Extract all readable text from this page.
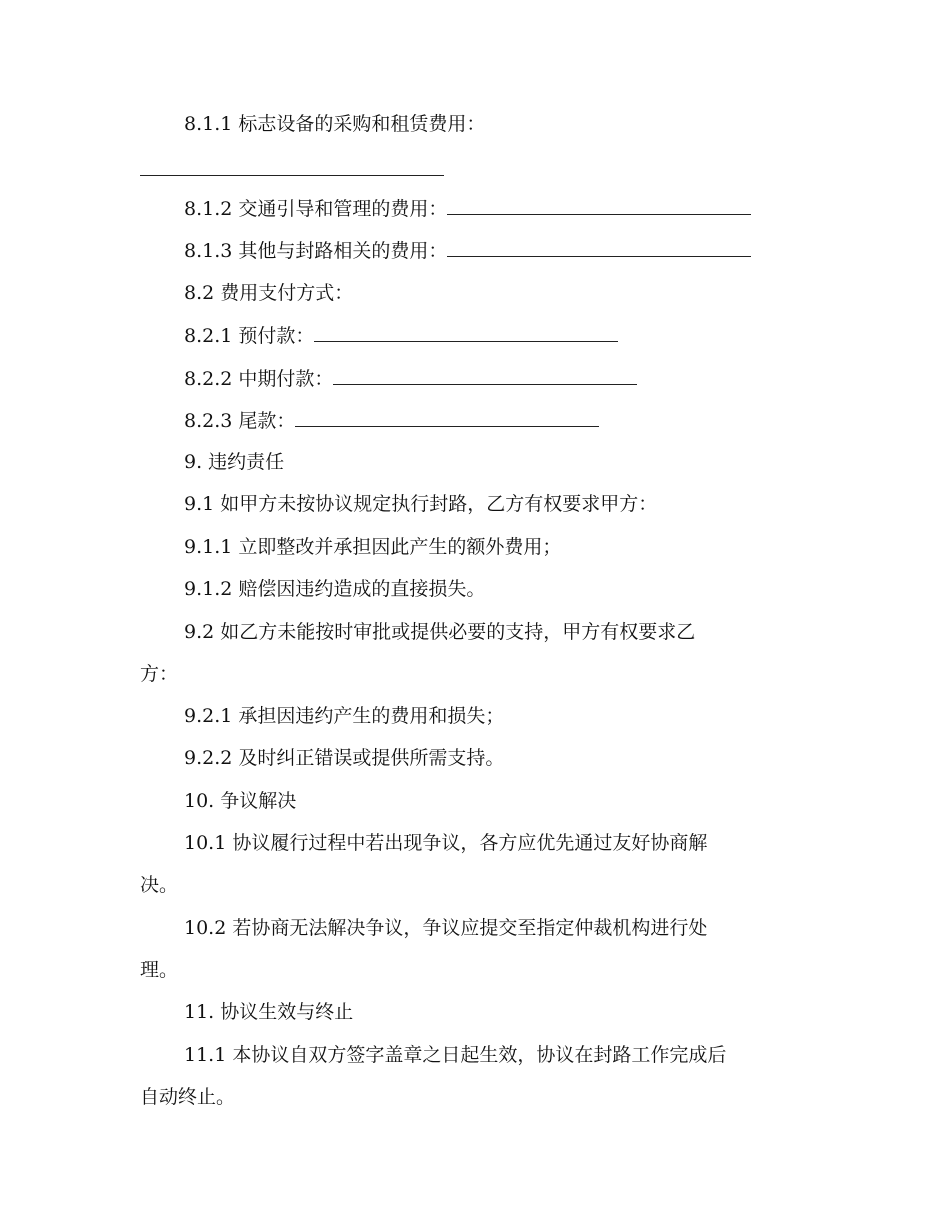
8.1.1 标志设备的采购和租赁费用：
8.1.2 交通引导和管理的费用：
8.1.3 其他与封路相关的费用：
8.2 费用支付方式：
8.2.1 预付款：
8.2.2 中期付款：
8.2.3 尾款：
9. 违约责任
9.1 如甲方未按协议规定执行封路，乙方有权要求甲方：
9.1.1 立即整改并承担因此产生的额外费用；
9.1.2 赔偿因违约造成的直接损失。
9.2 如乙方未能按时审批或提供必要的支持，甲方有权要求乙
方：
9.2.1 承担因违约产生的费用和损失；
9.2.2 及时纠正错误或提供所需支持。
10. 争议解决
10.1 协议履行过程中若出现争议，各方应优先通过友好协商解
决。
10.2 若协商无法解决争议，争议应提交至指定仲裁机构进行处
理。
11. 协议生效与终止
11.1 本协议自双方签字盖章之日起生效，协议在封路工作完成后
自动终止。
